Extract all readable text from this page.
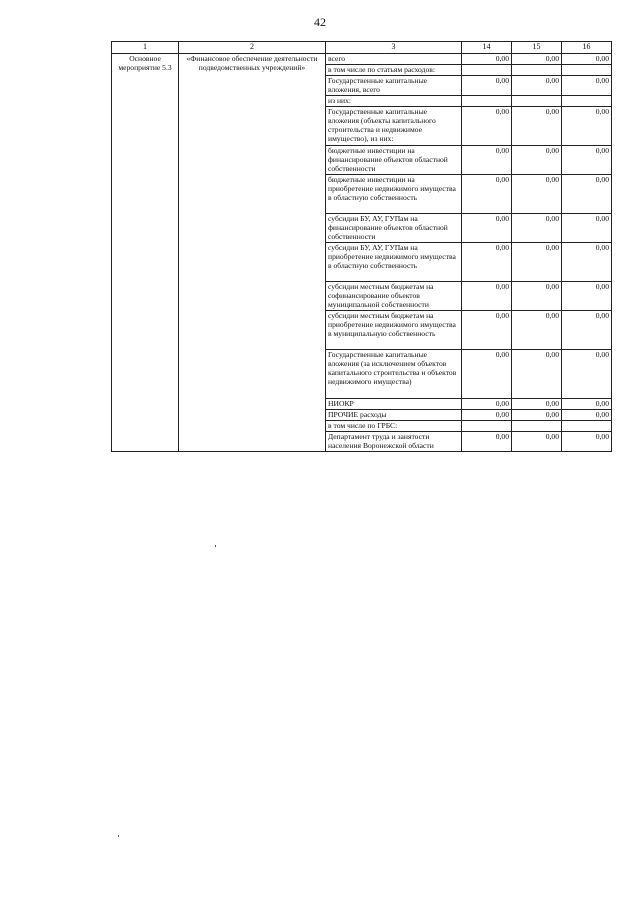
42
1	2	3	14	15	16
Основное мероприятие 5.3	«Финансовое обеспечение деятельности подведомственных учреждений»	всего	0,00	0,00	0,00
		в том числе по статьям расходов:			
		Государственные капитальные вложения, всего	0,00	0,00	0,00
		из них:			
		Государственные капитальные вложения (объекты капитального строительства и недвижимое имущество), из них:	0,00	0,00	0,00
		бюджетные инвестиции на финансирование объектов областной собственности	0,00	0,00	0,00
		бюджетные инвестиции на приобретение недвижимого имущества в областную собственность	0,00	0,00	0,00
		субсидии БУ, АУ, ГУПам на финансирование объектов областной собственности	0,00	0,00	0,00
		субсидии БУ, АУ, ГУПам на приобретение недвижимого имущества в областную собственность	0,00	0,00	0,00
		субсидии местным бюджетам на софинансирование объектов муниципальной собственности	0,00	0,00	0,00
		субсидии местным бюджетам на приобретение недвижимого имущества в муниципальную собственность	0,00	0,00	0,00
		Государственные капитальные вложения (за исключением объектов капитального строительства и объектов недвижимого имущества)	0,00	0,00	0,00
		НИОКР	0,00	0,00	0,00
		ПРОЧИЕ расходы	0,00	0,00	0,00
		в том числе по ГРБС:			
		Департамент труда и занятости населения Воронежской области	0,00	0,00	0,00
